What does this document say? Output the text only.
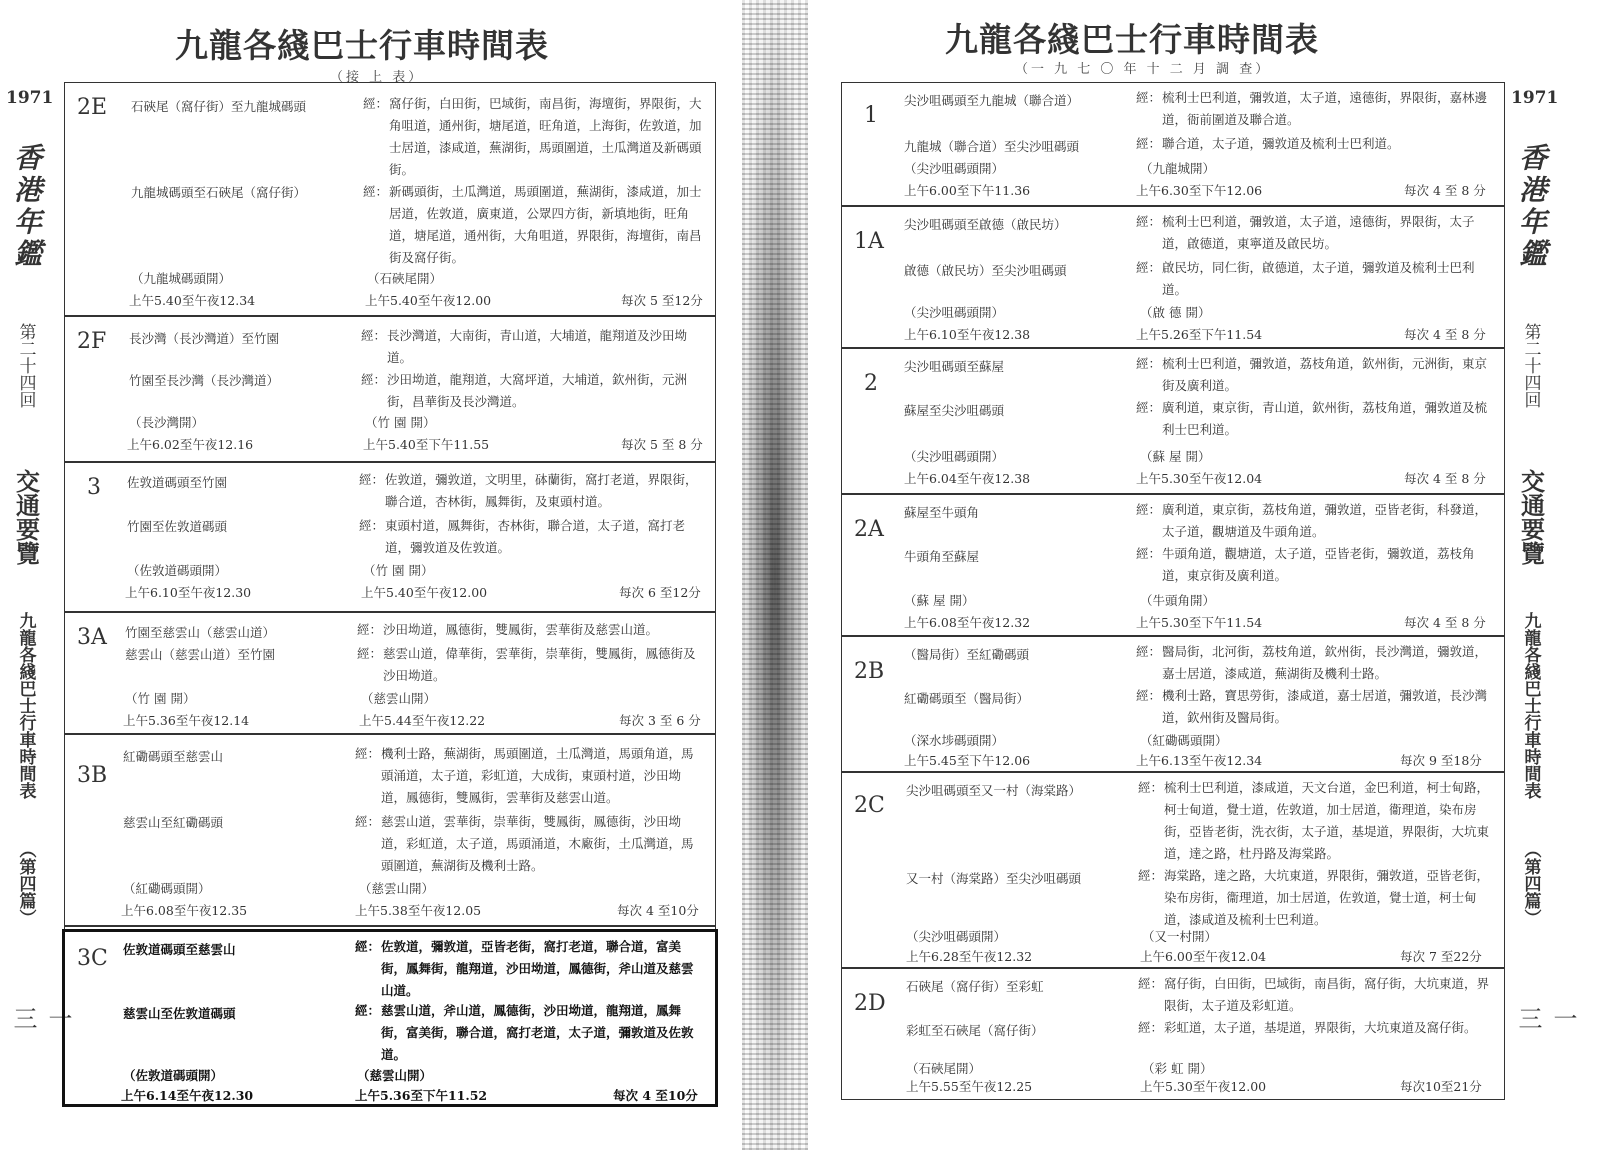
九龍各綫巴士行車時間表
（接 上 表）
1971
香港年鑑
第二十四回
交通要覽
九龍各綫巴士行車時間表
（第四篇）
一三
2E 石硤尾（窩仔街）至九龍城碼頭	經： 窩仔街，白田街，巴域街，南昌街，海壇街，界限街，大角咀道，通州街，塘尾道，旺角道，上海街，佐敦道，加士居道，漆咸道，蕪湖街，馬頭圍道，土瓜灣道及新碼頭街。
九龍城碼頭至石硤尾（窩仔街）	經： 新碼頭街，土瓜灣道，馬頭圍道，蕪湖街，漆咸道，加士居道，佐敦道，廣東道，公眾四方街，新填地街，旺角道，塘尾道，通州街，大角咀道，界限街，海壇街，南昌街及窩仔街。
（九龍城碼頭開）	（石硤尾開）
上午5.40至午夜12.34	上午5.40至午夜12.00	每次 5 至12分
2F 長沙灣（長沙灣道）至竹園	經： 長沙灣道，大南街，青山道，大埔道，龍翔道及沙田坳道。
竹園至長沙灣（長沙灣道）	經： 沙田坳道，龍翔道，大窩坪道，大埔道，欽州街，元洲街，昌華街及長沙灣道。
（長沙灣開）	（竹 園 開）
上午6.02至午夜12.16	上午5.40至下午11.55	每次 5 至 8 分
3 佐敦道碼頭至竹園	經： 佐敦道，彌敦道，文明里，砵蘭街，窩打老道，界限街，聯合道，杏林街，鳳舞街，及東頭村道。
竹園至佐敦道碼頭	經： 東頭村道，鳳舞街，杏林街，聯合道，太子道，窩打老道，彌敦道及佐敦道。
（佐敦道碼頭開）	（竹 園 開）
上午6.10至午夜12.30	上午5.40至午夜12.00	每次 6 至12分
3A 竹園至慈雲山（慈雲山道）	經： 沙田坳道，鳳德街，雙鳳街，雲華街及慈雲山道。
慈雲山（慈雲山道）至竹園	經： 慈雲山道，偉華街，雲華街，崇華街，雙鳳街，鳳德街及沙田坳道。
（竹 園 開）	（慈雲山開）
上午5.36至午夜12.14	上午5.44至午夜12.22	每次 3 至 6 分
3B
紅磡碼頭至慈雲山	經： 機利士路，蕪湖街，馬頭圍道，土瓜灣道，馬頭角道，馬頭涌道，太子道，彩虹道，大成街，東頭村道，沙田坳道，鳳德街，雙鳳街，雲華街及慈雲山道。
慈雲山至紅磡碼頭	經： 慈雲山道，雲華街，崇華街，雙鳳街，鳳德街，沙田坳道，彩虹道，太子道，馬頭涌道，木廠街，土瓜灣道，馬頭圍道，蕪湖街及機利士路。
（紅磡碼頭開）	（慈雲山開）
上午6.08至午夜12.35	上午5.38至午夜12.05	每次 4 至10分
3C 佐敦道碼頭至慈雲山	經： 佐敦道，彌敦道，亞皆老街，窩打老道，聯合道，富美街，鳳舞街，龍翔道，沙田坳道，鳳德街，斧山道及慈雲山道。
慈雲山至佐敦道碼頭	經： 慈雲山道，斧山道，鳳德街，沙田坳道，龍翔道，鳳舞街，富美街，聯合道，窩打老道，太子道，彌敦道及佐敦道。
（佐敦道碼頭開）	（慈雲山開）
上午6.14至午夜12.30	上午5.36至下午11.52	每次 4 至10分
九龍各綫巴士行車時間表
（一 九 七 〇 年 十 二 月 調 查）
1
尖沙咀碼頭至九龍城（聯合道）	經： 梳利士巴利道，彌敦道，太子道，遠德街，界限街，嘉林邊道，衙前圍道及聯合道。
九龍城（聯合道）至尖沙咀碼頭	經： 聯合道，太子道，彌敦道及梳利士巴利道。
（尖沙咀碼頭開）	（九龍城開）
上午6.00至下午11.36	上午6.30至下午12.06	每次 4 至 8 分
1A
尖沙咀碼頭至啟德（啟民坊）	經： 梳利士巴利道，彌敦道，太子道，遠德街，界限街，太子道，啟德道，東寧道及啟民坊。
啟德（啟民坊）至尖沙咀碼頭	經： 啟民坊，同仁街，啟德道，太子道，彌敦道及梳利士巴利道。
（尖沙咀碼頭開）	（啟 德 開）
上午6.10至午夜12.38	上午5.26至下午11.54	每次 4 至 8 分
2
尖沙咀碼頭至蘇屋	經： 梳利士巴利道，彌敦道，荔枝角道，欽州街，元洲街，東京街及廣利道。
蘇屋至尖沙咀碼頭	經： 廣利道，東京街，青山道，欽州街，荔枝角道，彌敦道及梳利士巴利道。
（尖沙咀碼頭開）	（蘇 屋 開）
上午6.04至午夜12.38	上午5.30至午夜12.04	每次 4 至 8 分
2A
蘇屋至牛頭角	經： 廣利道，東京街，荔枝角道，彌敦道，亞皆老街，科發道，太子道，觀塘道及牛頭角道。
牛頭角至蘇屋	經： 牛頭角道，觀塘道，太子道，亞皆老街，彌敦道，荔枝角道，東京街及廣利道。
（蘇 屋 開）	（牛頭角開）
上午6.08至午夜12.32	上午5.30至下午11.54	每次 4 至 8 分
2B
（醫局街）至紅磡碼頭	經： 醫局街，北河街，荔枝角道，欽州街，長沙灣道，彌敦道，嘉士居道，漆咸道，蕪湖街及機利士路。
紅磡碼頭至（醫局街）	經： 機利士路，寶思勞街，漆咸道，嘉士居道，彌敦道，長沙灣道，欽州街及醫局街。
（深水埗碼頭開）	（紅磡碼頭開）
上午5.45至下午12.06	上午6.13至午夜12.34	每次 9 至18分
2C
尖沙咀碼頭至又一村（海棠路）	經： 梳利士巴利道，漆咸道，天文台道，金巴利道，柯士甸路，柯士甸道，覺士道，佐敦道，加士居道，衞理道，染布房街，亞皆老街，洗衣街，太子道，基堤道，界限街，大坑東道，達之路，杜丹路及海棠路。
又一村（海棠路）至尖沙咀碼頭	經： 海棠路，達之路，大坑東道，界限街，彌敦道，亞皆老街，染布房街，衞理道，加士居道，佐敦道，覺士道，柯士甸道，漆咸道及梳利士巴利道。
（尖沙咀碼頭開）	（又一村開）
上午6.28至午夜12.32	上午6.00至午夜12.04	每次 7 至22分
2D
石硤尾（窩仔街）至彩虹	經： 窩仔街，白田街，巴域街，南昌街，窩仔街，大坑東道，界限街，太子道及彩虹道。
彩虹至石硤尾（窩仔街）	經： 彩虹道，太子道，基堤道，界限街，大坑東道及窩仔街。
（石硤尾開）	（彩 虹 開）
上午5.55至午夜12.25	上午5.30至午夜12.00	每次10至21分
1971
香港年鑑
第二十四回
交通要覽
九龍各綫巴士行車時間表
（第四篇）
一三
